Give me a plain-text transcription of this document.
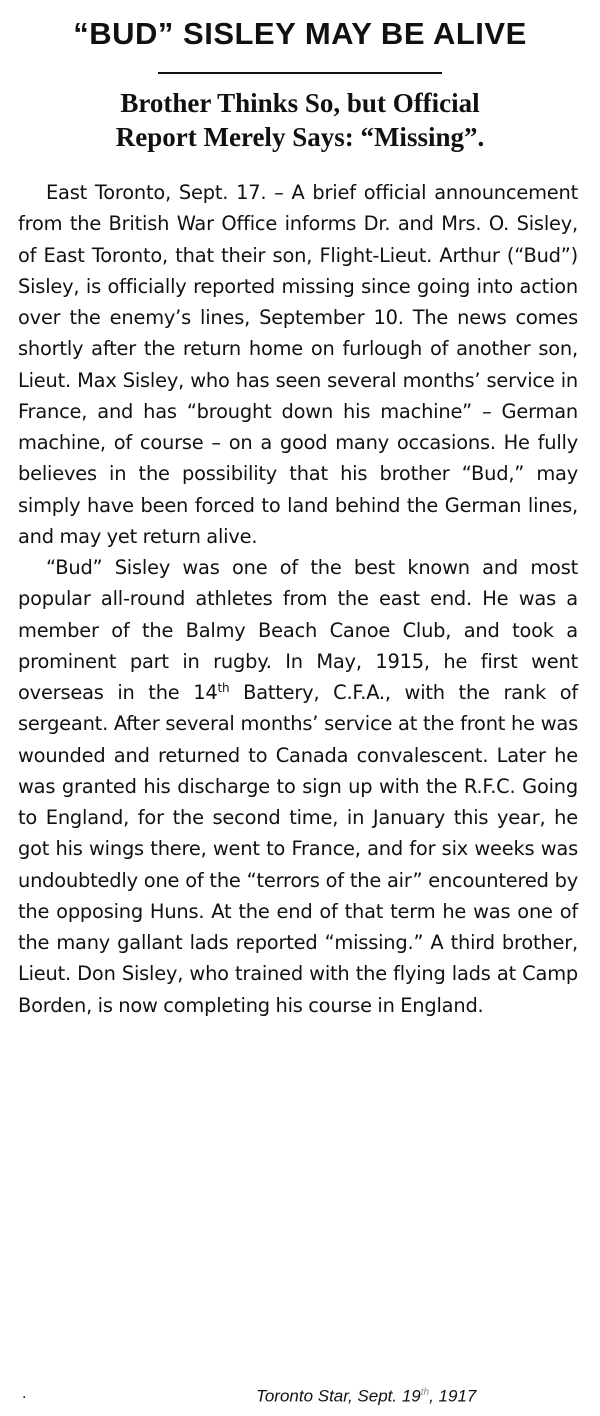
“BUD” SISLEY MAY BE ALIVE
Brother Thinks So, but Official
Report Merely Says: “Missing”.

East Toronto, Sept. 17. – A brief official announcement from the British War Office informs Dr. and Mrs. O. Sisley, of East Toronto, that their son, Flight-Lieut. Arthur (“Bud”) Sisley, is officially reported missing since going into action over the enemy’s lines, September 10. The news comes shortly after the return home on furlough of another son, Lieut. Max Sisley, who has seen several months’ service in France, and has “brought down his machine” – German machine, of course – on a good many occasions. He fully believes in the possibility that his brother “Bud,” may simply have been forced to land behind the German lines, and may yet return alive.

“Bud” Sisley was one of the best known and most popular all-round athletes from the east end. He was a member of the Balmy Beach Canoe Club, and took a prominent part in rugby. In May, 1915, he first went overseas in the 14th Battery, C.F.A., with the rank of sergeant. After several months’ service at the front he was wounded and returned to Canada convalescent. Later he was granted his discharge to sign up with the R.F.C. Going to England, for the second time, in January this year, he got his wings there, went to France, and for six weeks was undoubtedly one of the “terrors of the air” encountered by the opposing Huns. At the end of that term he was one of the many gallant lads reported “missing.” A third brother, Lieut. Don Sisley, who trained with the flying lads at Camp Borden, is now completing his course in England.

.	Toronto Star, Sept. 19th, 1917
